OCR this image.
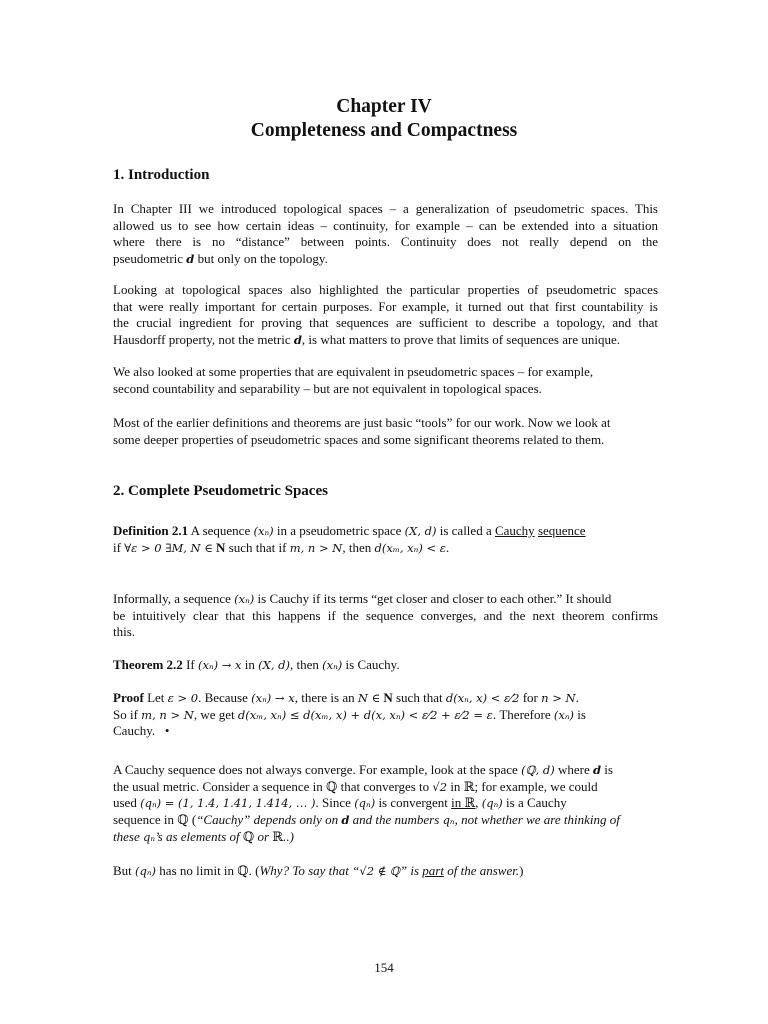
Chapter IV
Completeness and Compactness
1. Introduction
In Chapter III we introduced topological spaces – a generalization of pseudometric spaces. This
allowed us to see how certain ideas – continuity, for example – can be extended into a situation
where there is no “distance” between points. Continuity does not really depend on the
pseudometric d but only on the topology.
Looking at topological spaces also highlighted the particular properties of pseudometric spaces
that were really important for certain purposes. For example, it turned out that first countability is
the crucial ingredient for proving that sequences are sufficient to describe a topology, and that
Hausdorff property, not the metric d, is what matters to prove that limits of sequences are unique.
We also looked at some properties that are equivalent in pseudometric spaces – for example,
second countability and separability – but are not equivalent in topological spaces.
Most of the earlier definitions and theorems are just basic “tools” for our work. Now we look at
some deeper properties of pseudometric spaces and some significant theorems related to them.
2. Complete Pseudometric Spaces
Definition 2.1 A sequence (xₙ) in a pseudometric space (X, d) is called a Cauchy sequence
if ∀ε > 0 ∃M, N ∈ N such that if m, n > N, then d(xₘ, xₙ) < ε.
Informally, a sequence (xₙ) is Cauchy if its terms “get closer and closer to each other.” It should
be intuitively clear that this happens if the sequence converges, and the next theorem confirms
this.
Theorem 2.2 If (xₙ) → x in (X, d), then (xₙ) is Cauchy.
Proof Let ε > 0. Because (xₙ) → x, there is an N ∈ N such that d(xₙ, x) < ε⁄2 for n > N.
So if m, n > N, we get d(xₘ, xₙ) ≤ d(xₘ, x) + d(x, xₙ) < ε⁄2 + ε⁄2 = ε. Therefore (xₙ) is
Cauchy. •
A Cauchy sequence does not always converge. For example, look at the space (ℚ, d) where d is
the usual metric. Consider a sequence in ℚ that converges to √2 in ℝ; for example, we could
used (qₙ) = (1, 1.4, 1.41, 1.414, … ). Since (qₙ) is convergent in ℝ, (qₙ) is a Cauchy
sequence in ℚ (“Cauchy” depends only on d and the numbers qₙ, not whether we are thinking of
these qₙ’s as elements of ℚ or ℝ..)
But (qₙ) has no limit in ℚ. (Why? To say that “√2 ∉ ℚ” is part of the answer.)
154
